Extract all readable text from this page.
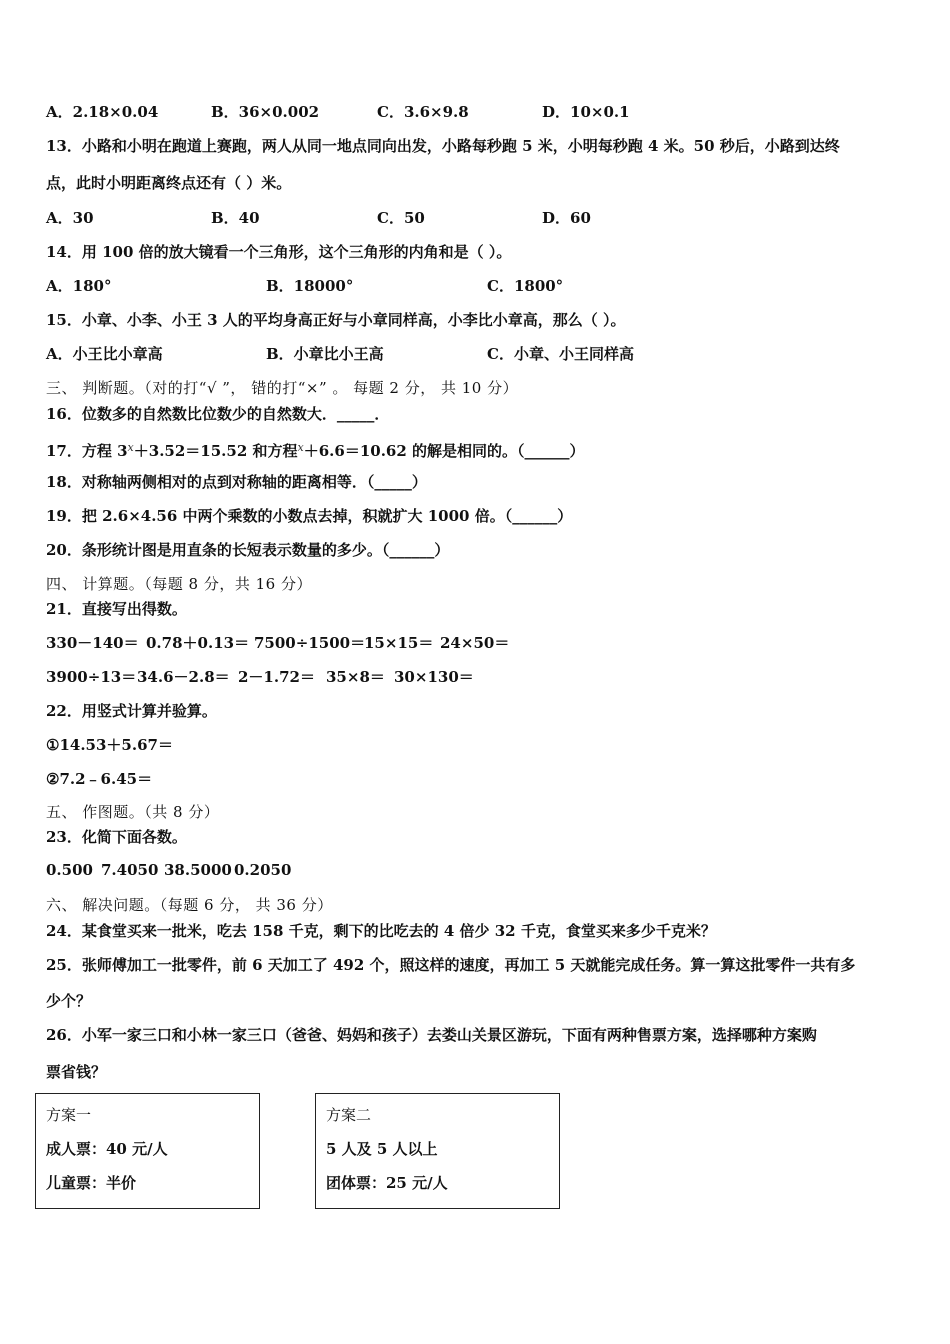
A．2.18×0.04	B．36×0.002	C．3.6×9.8	D．10×0.1
13．小路和小明在跑道上赛跑，两人从同一地点同向出发，小路每秒跑 5 米，小明每秒跑 4 米。50 秒后，小路到达终
点，此时小明距离终点还有（ ）米。
A．30	B．40	C．50	D．60
14．用 100 倍的放大镜看一个三角形，这个三角形的内角和是（ ）。
A．180°	B．18000°	C．1800°
15．小章、小李、小王 3 人的平均身高正好与小章同样高，小李比小章高，那么（ ）。
A．小王比小章高	B．小章比小王高	C．小章、小王同样高
三、 判断题。（对的打“√ ”， 错的打“×” 。 每题 2 分， 共 10 分）
16．位数多的自然数比位数少的自然数大．_____．
17．方程 $3^x+3.52=15.52$ 和方程$^x$＋6.6＝10.62 的解是相同的。（______）
18．对称轴两侧相对的点到对称轴的距离相等．（_____）
19．把 2.6×4.56 中两个乘数的小数点去掉，积就扩大 1000 倍。（______）
20．条形统计图是用直条的长短表示数量的多少。（______）
四、 计算题。（每题 8 分，共 16 分）
21．直接写出得数。
330－140＝ 0.78＋0.13＝ 7500÷1500＝
15×15＝ 24×50＝
3900÷13＝ 34.6－2.8＝ 2－1.72＝ 35×8＝ 30×130＝
22．用竖式计算并验算。
①14.53＋5.67＝
②7.2﹣6.45＝
五、 作图题。（共 8 分）
23．化简下面各数。
0.500 7.4050 38.5000 0.2050
六、 解决问题。（每题 6 分， 共 36 分）
24．某食堂买来一批米，吃去 158 千克，剩下的比吃去的 4 倍少 32 千克，食堂买来多少千克米？
25．张师傅加工一批零件，前 6 天加工了 492 个，照这样的速度，再加工 5 天就能完成任务。算一算这批零件一共有多
少个？
26．小军一家三口和小林一家三口（爸爸、妈妈和孩子）去娄山关景区游玩，下面有两种售票方案，选择哪种方案购
票省钱？
方案一
成人票：40 元/人
儿童票：半价
方案二
5 人及 5 人以上
团体票：25 元/人
